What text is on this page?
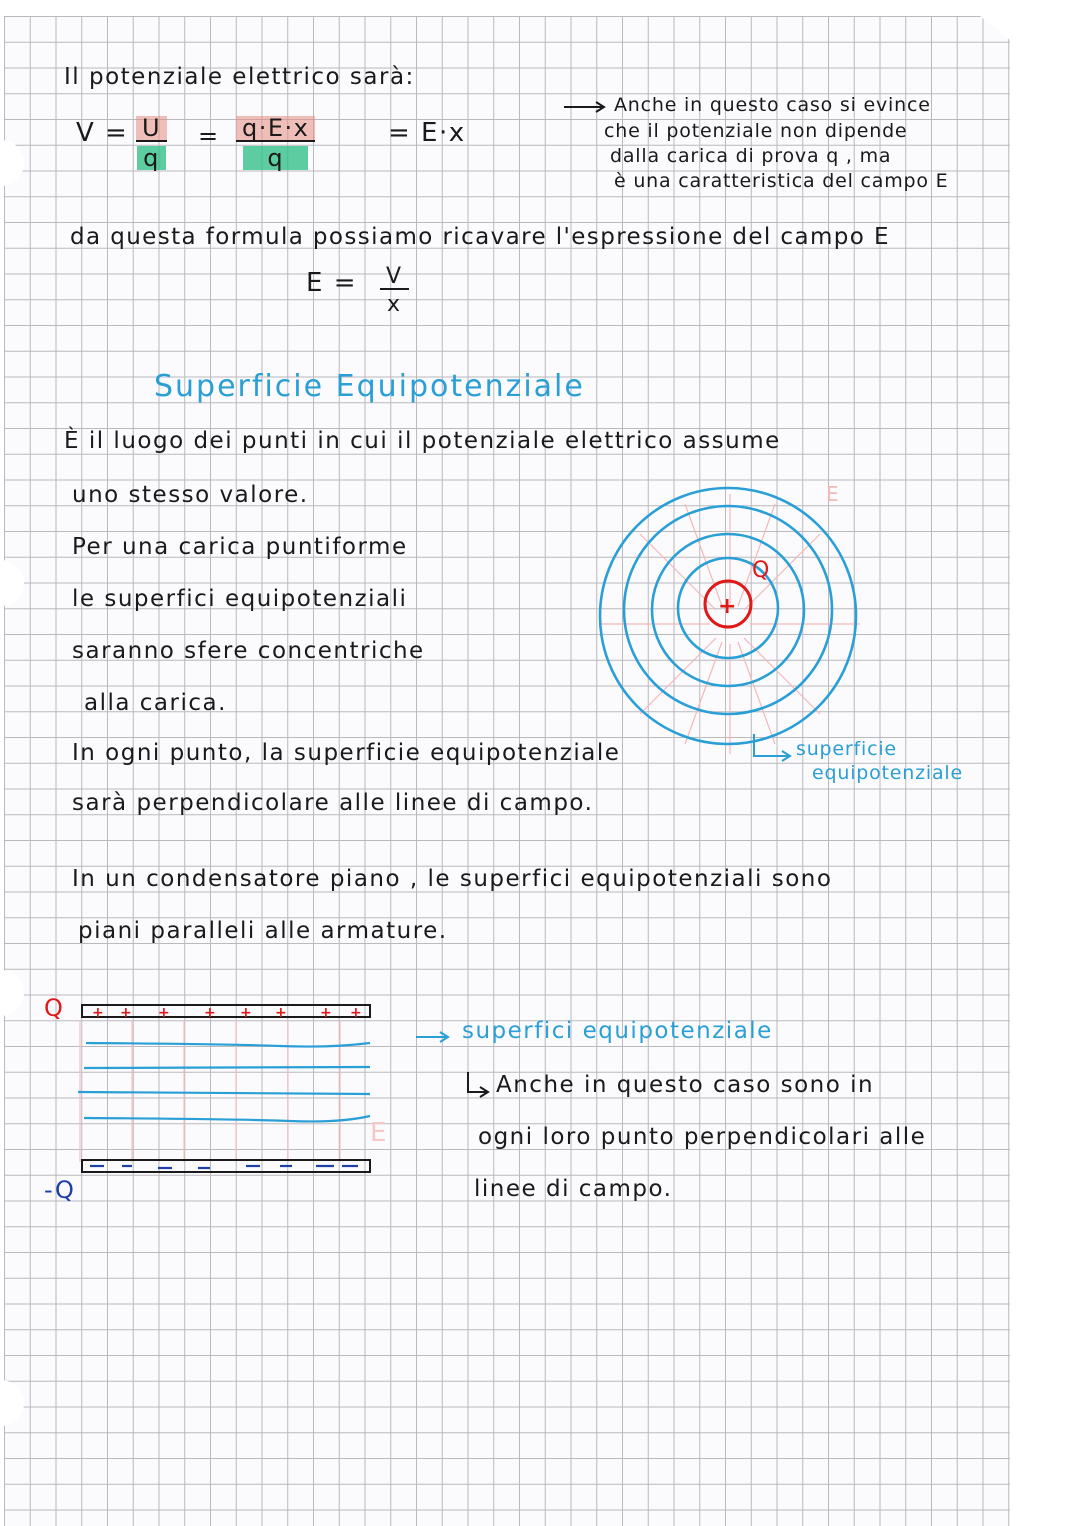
Il potenziale elettrico sarà:
$V = \frac{U}{q} = \frac{q\cdot E\cdot x}{q}$	= E·x
Anche in questo caso si evince
che il potenziale non dipende
dalla carica di prova q , ma
è una caratteristica del campo E
da questa formula possiamo ricavare l'espressione del campo E
$E = \frac{V}{x}$
Superficie Equipotenziale
È il luogo dei punti in cui il potenziale elettrico assume
uno stesso valore.
Per una carica puntiforme
le superfici equipotenziali
saranno sfere concentriche
alla carica.
In ogni punto, la superficie equipotenziale
sarà perpendicolare alle linee di campo.
+
Q
E
superficie
equipotenziale
In un condensatore piano , le superfici equipotenziali sono
piani paralleli alle armature.
+ + + + + + + +
Q
-Q
E
superfici equipotenziale
Anche in questo caso sono in
ogni loro punto perpendicolari alle
linee di campo.
